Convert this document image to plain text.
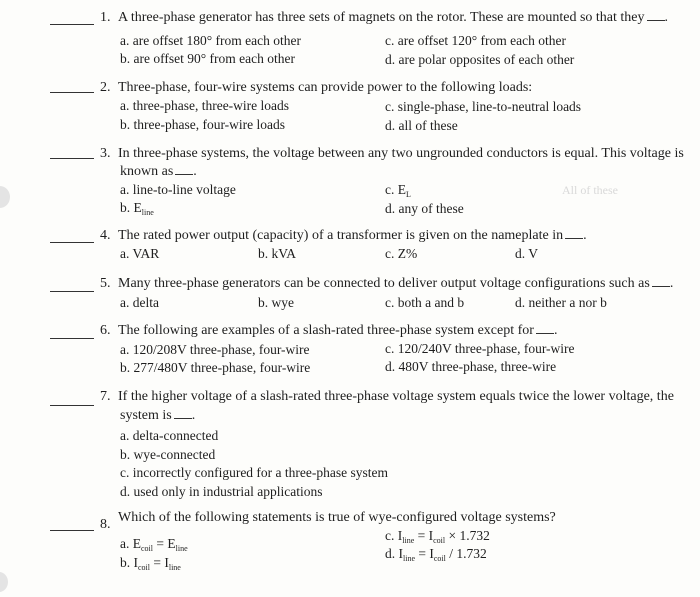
All of these
1. A three-phase generator has three sets of magnets on the rotor. These are mounted so that they .
a. are offset 180° from each other	c. are offset 120° from each other
b. are offset 90° from each other	d. are polar opposites of each other
2. Three-phase, four-wire systems can provide power to the following loads:
a. three-phase, three-wire loads	c. single-phase, line-to-neutral loads
b. three-phase, four-wire loads	d. all of these
3. In three-phase systems, the voltage between any two ungrounded conductors is equal. This voltage is
known as .
a. line-to-line voltage	c. $E_L$
b. $E_{line}$	d. any of these
4. The rated power output (capacity) of a transformer is given on the nameplate in .
a. VAR	b. kVA	c. Z%	d. V
5. Many three-phase generators can be connected to deliver output voltage configurations such as .
a. delta	b. wye	c. both a and b	d. neither a nor b
6. The following are examples of a slash-rated three-phase system except for .
a. 120/208V three-phase, four-wire	c. 120/240V three-phase, four-wire
b. 277/480V three-phase, four-wire	d. 480V three-phase, three-wire
7. If the higher voltage of a slash-rated three-phase voltage system equals twice the lower voltage, the
system is .
a. delta-connected
b. wye-connected
c. incorrectly configured for a three-phase system
d. used only in industrial applications
8. Which of the following statements is true of wye-configured voltage systems?
a. $E_{coil} = E_{line}$
c. $I_{line} = I_{coil} \times 1.732$
b. $I_{coil} = I_{line}$
d. $I_{line} = I_{coil} / 1.732$
